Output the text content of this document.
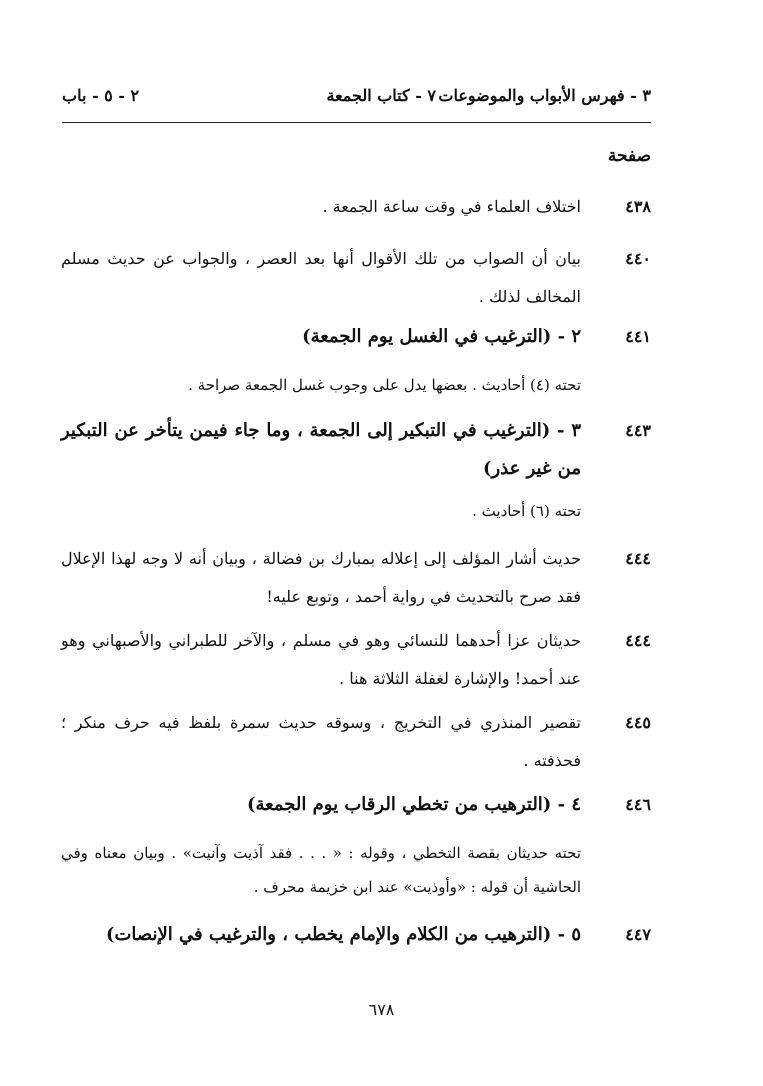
٣ - فهرس الأبواب والموضوعات
٧ - كتاب الجمعة
٢ - ٥ - باب
صفحة
٤٣٨
اختلاف العلماء في وقت ساعة الجمعة .
٤٤٠
بيان أن الصواب من تلك الأقوال أنها بعد العصر ، والجواب عن حديث مسلم المخالف لذلك .
٤٤١
٢ - (الترغيب في الغسل يوم الجمعة)
تحته (٤) أحاديث . بعضها يدل على وجوب غسل الجمعة صراحة .
٤٤٣
٣ - (الترغيب في التبكير إلى الجمعة ، وما جاء فيمن يتأخر عن التبكير من غير عذر)
تحته (٦) أحاديث .
٤٤٤
حديث أشار المؤلف إلى إعلاله بمبارك بن فضالة ، وبيان أنه لا وجه لهذا الإعلال فقد صرح بالتحديث في رواية أحمد ، وتوبع عليه!
٤٤٤
حديثان عزا أحدهما للنسائي وهو في مسلم ، والآخر للطبراني والأصبهاني وهو عند أحمد! والإشارة لغفلة الثلاثة هنا .
٤٤٥
تقصير المنذري في التخريج ، وسوقه حديث سمرة بلفظ فيه حرف منكر ؛ فحذفته .
٤٤٦
٤ - (الترهيب من تخطي الرقاب يوم الجمعة)
تحته حديثان بقصة التخطي ، وقوله : « . . . فقد آذيت وآنيت» . وبيان معناه وفي الحاشية أن قوله : «وأوذيت» عند ابن خزيمة محرف .
٤٤٧
٥ - (الترهيب من الكلام والإمام يخطب ، والترغيب في الإنصات)
٦٧٨
